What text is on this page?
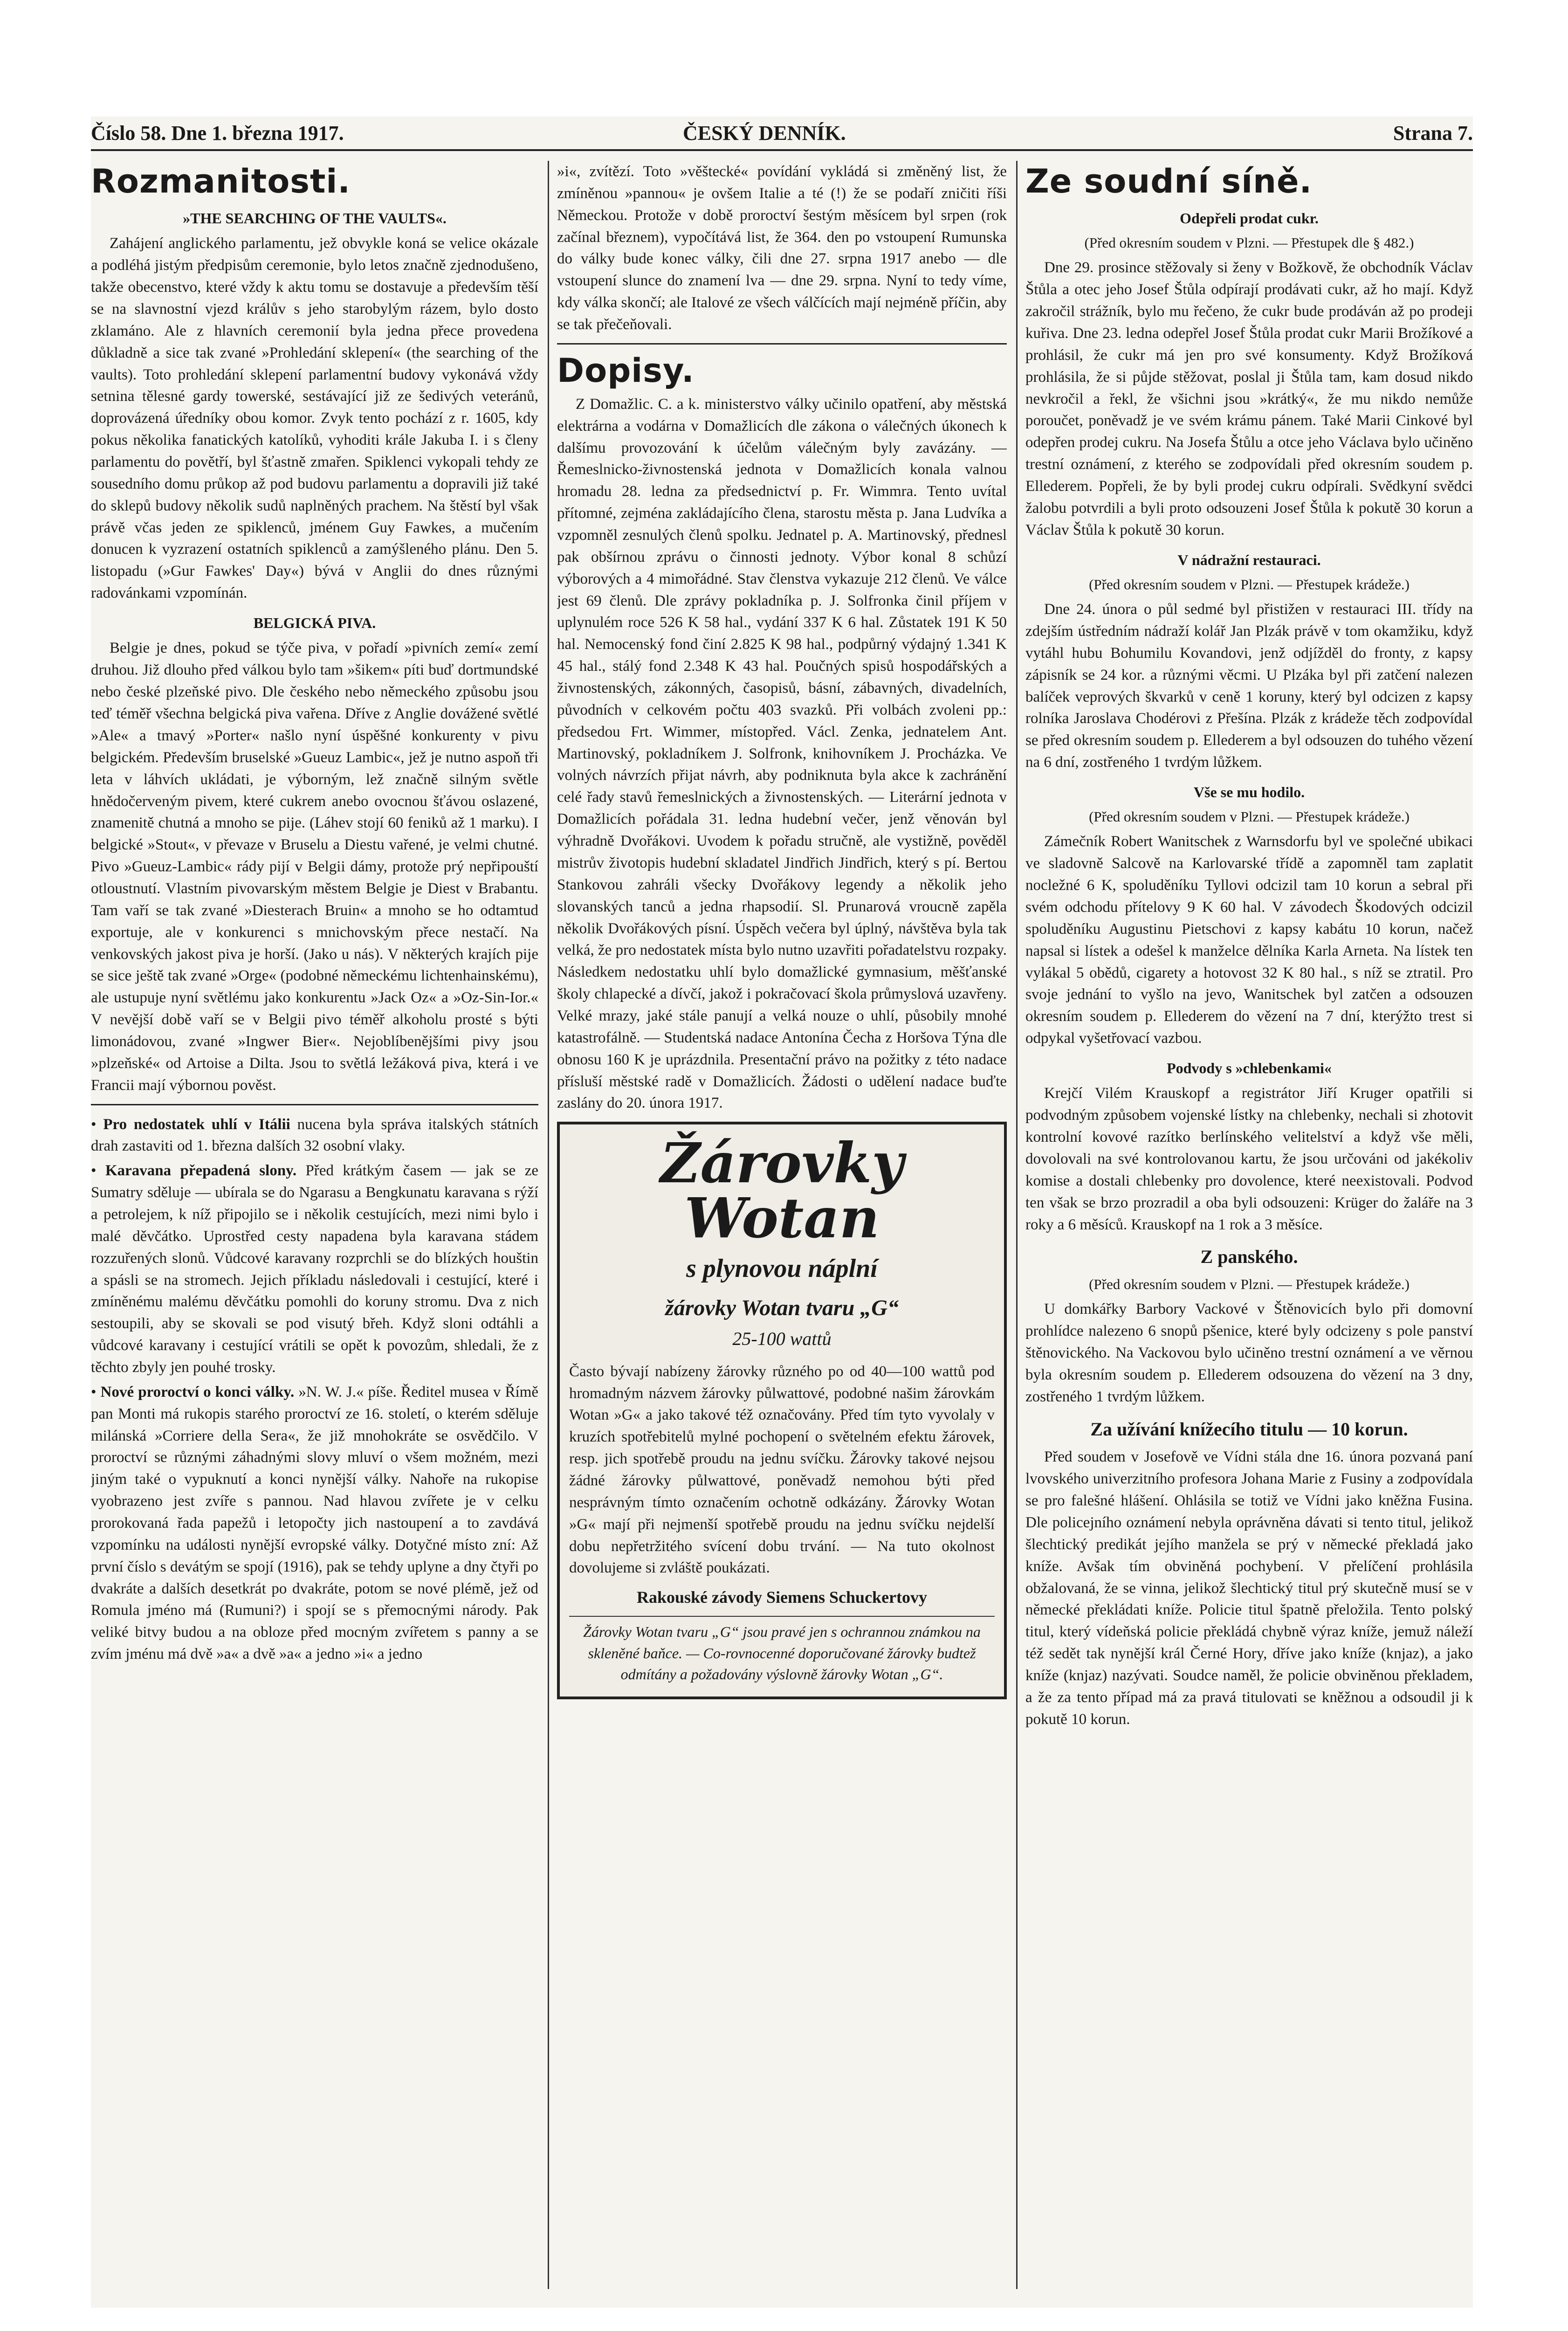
Číslo 58. Dne 1. března 1917.	ČESKÝ DENNÍK.	Strana 7.
Rozmanitosti.
»THE SEARCHING OF THE VAULTS«.

Zahájení anglického parlamentu, jež obvykle koná se velice okázale a podléhá jistým předpisům ceremonie, bylo letos značně zjednodušeno, takže obecenstvo, které vždy k aktu tomu se dostavuje a především těší se na slavnostní vjezd králův s jeho starobylým rázem, bylo dosto zklamáno. Ale z hlavních ceremonií byla jedna přece provedena důkladně a sice tak zvané »Prohledání sklepení« (the searching of the vaults). Toto prohledání sklepení parlamentní budovy vykonává vždy setnina tělesné gardy towerské, sestávající již ze šedivých veteránů, doprovázená úředníky obou komor. Zvyk tento pochází z r. 1605, kdy pokus několika fanatických katolíků, vyhoditi krále Jakuba I. i s členy parlamentu do povětří, byl šťastně zmařen. Spiklenci vykopali tehdy ze sousedního domu průkop až pod budovu parlamentu a dopravili již také do sklepů budovy několik sudů naplněných prachem. Na štěstí byl však právě včas jeden ze spiklenců, jménem Guy Fawkes, a mučením donucen k vyzrazení ostatních spiklenců a zamýšleného plánu. Den 5. listopadu (»Gur Fawkes' Day«) bývá v Anglii do dnes různými radovánkami vzpomínán.

BELGICKÁ PIVA.

Belgie je dnes, pokud se týče piva, v pořadí »pivních zemí« zemí druhou. Již dlouho před válkou bylo tam »šikem« píti buď dortmundské nebo české plzeňské pivo. Dle českého nebo německého způsobu jsou teď téměř všechna belgická piva vařena. Dříve z Anglie dovážené světlé »Ale« a tmavý »Porter« našlo nyní úspěšné konkurenty v pivu belgickém. Především bruselské »Gueuz Lambic«, jež je nutno aspoň tři leta v láhvích ukládati, je výborným, lež značně silným světle hnědočerveným pivem, které cukrem anebo ovocnou šťávou oslazené, znamenitě chutná a mnoho se pije. (Láhev stojí 60 feniků až 1 marku). I belgické »Stout«, v převaze v Bruselu a Diestu vařené, je velmi chutné. Pivo »Gueuz-Lambic« rády pijí v Belgii dámy, protože prý nepřipouští otloustnutí. Vlastním pivovarským městem Belgie je Diest v Brabantu. Tam vaří se tak zvané »Diesterach Bruin« a mnoho se ho odtamtud exportuje, ale v konkurenci s mnichovským přece nestačí. Na venkovských jakost piva je horší. (Jako u nás). V některých krajích pije se sice ještě tak zvané »Orge« (podobné německému lichtenhainskému), ale ustupuje nyní světlému jako konkurentu »Jack Oz« a »Oz-Sin-Ior.« V nevější době vaří se v Belgii pivo téměř alkoholu prosté s býti limonádovou, zvané »Ingwer Bier«. Nejoblíbenějšími pivy jsou »plzeňské« od Artoise a Dilta. Jsou to světlá ležáková piva, která i ve Francii mají výbornou pověst.

• Pro nedostatek uhlí v Itálii nucena byla správa italských státních drah zastaviti od 1. března dalších 32 osobní vlaky.

• Karavana přepadená slony. Před krátkým časem — jak se ze Sumatry sděluje — ubírala se do Ngarasu a Bengkunatu karavana s rýží a petrolejem, k níž připojilo se i několik cestujících, mezi nimi bylo i malé děvčátko. Uprostřed cesty napadena byla karavana stádem rozzuřených slonů. Vůdcové karavany rozprchli se do blízkých houštin a spásli se na stromech. Jejich příkladu následovali i cestující, které i zmíněnému malému děvčátku pomohli do koruny stromu. Dva z nich sestoupili, aby se skovali se pod visutý břeh. Když sloni odtáhli a vůdcové karavany i cestující vrátili se opět k povozům, shledali, že z těchto zbyly jen pouhé trosky.

• Nové proroctví o konci války. »N. W. J.« píše. Ředitel musea v Římě pan Monti má rukopis starého proroctví ze 16. století, o kterém sděluje milánská »Corriere della Sera«, že již mnohokráte se osvědčilo. V proroctví se různými záhadnými slovy mluví o všem možném, mezi jiným také o vypuknutí a konci nynější války. Nahoře na rukopise vyobrazeno jest zvíře s pannou. Nad hlavou zvířete je v celku prorokovaná řada papežů i letopočty jich nastoupení a to zavdává vzpomínku na události nynější evropské války. Dotyčné místo zní: Až první číslo s devátým se spojí (1916), pak se tehdy uplyne a dny čtyři po dvakráte a dalších desetkrát po dvakráte, potom se nové plémě, jež od Romula jméno má (Rumuni?) i spojí se s přemocnými národy. Pak veliké bitvy budou a na obloze před mocným zvířetem s panny a se zvím jménu má dvě »a« a dvě »a« a jedno »i« a jedno

»i«, zvítězí. Toto »věštecké« povídání vykládá si změněný list, že zmíněnou »pannou« je ovšem Italie a té (!) že se podaří zničiti říši Německou. Protože v době proroctví šestým měsícem byl srpen (rok začínal březnem), vypočítává list, že 364. den po vstoupení Rumunska do války bude konec války, čili dne 27. srpna 1917 anebo — dle vstoupení slunce do znamení lva — dne 29. srpna. Nyní to tedy víme, kdy válka skončí; ale Italové ze všech válčících mají nejméně příčin, aby se tak přečeňovali.

Dopisy.

Z Domažlic. C. a k. ministerstvo války učinilo opatření, aby městská elektrárna a vodárna v Domažlicích dle zákona o válečných úkonech k dalšímu provozování k účelům válečným byly zavázány. — Řemeslnicko-živnostenská jednota v Domažlicích konala valnou hromadu 28. ledna za předsednictví p. Fr. Wimmra. Tento uvítal přítomné, zejména zakládajícího člena, starostu města p. Jana Ludvíka a vzpomněl zesnulých členů spolku. Jednatel p. A. Martinovský, přednesl pak obšírnou zprávu o činnosti jednoty. Výbor konal 8 schůzí výborových a 4 mimořádné. Stav členstva vykazuje 212 členů. Ve válce jest 69 členů. Dle zprávy pokladníka p. J. Solfronka činil příjem v uplynulém roce 526 K 58 hal., vydání 337 K 6 hal. Zůstatek 191 K 50 hal. Nemocenský fond činí 2.825 K 98 hal., podpůrný výdajný 1.341 K 45 hal., stálý fond 2.348 K 43 hal. Poučných spisů hospodářských a živnostenských, zákonných, časopisů, básní, zábavných, divadelních, původních v celkovém počtu 403 svazků. Při volbách zvoleni pp.: předsedou Frt. Wimmer, místopřed. Václ. Zenka, jednatelem Ant. Martinovský, pokladníkem J. Solfronk, knihovníkem J. Procházka. Ve volných návrzích přijat návrh, aby podniknuta byla akce k zachránění celé řady stavů řemeslnických a živnostenských. — Literární jednota v Domažlicích pořádala 31. ledna hudební večer, jenž věnován byl výhradně Dvořákovi. Uvodem k pořadu stručně, ale vystižně, pověděl mistrův životopis hudební skladatel Jindřich Jindřich, který s pí. Bertou Stankovou zahráli všecky Dvořákovy legendy a několik jeho slovanských tanců a jedna rhapsodií. Sl. Prunarová vroucně zapěla několik Dvořákových písní. Úspěch večera byl úplný, návštěva byla tak velká, že pro nedostatek místa bylo nutno uzavřiti pořadatelstvu rozpaky. Následkem nedostatku uhlí bylo domažlické gymnasium, měšťanské školy chlapecké a dívčí, jakož i pokračovací škola průmyslová uzavřeny. Velké mrazy, jaké stále panují a velká nouze o uhlí, působily mnohé katastrofálně. — Studentská nadace Antonína Čecha z Horšova Týna dle obnosu 160 K je uprázdnila. Presentační právo na požitky z této nadace přísluší městské radě v Domažlicích. Žádosti o udělení nadace buďte zaslány do 20. února 1917.

Žárovky
Wotan
s plynovou náplní
žárovky Wotan tvaru „G“
25-100 wattů
Často bývají nabízeny žárovky různého po od 40—100 wattů pod hromadným názvem žárovky půlwattové, podobné našim žárovkám Wotan »G« a jako takové též označovány. Před tím tyto vyvolaly v kruzích spotřebitelů mylné pochopení o světelném efektu žárovek, resp. jich spotřebě proudu na jednu svíčku. Žárovky takové nejsou žádné žárovky půlwattové, poněvadž nemohou býti před nesprávným tímto označením ochotně odkázány. Žárovky Wotan »G« mají při nejmenší spotřebě proudu na jednu svíčku nejdelší dobu nepřetržitého svícení dobu trvání. — Na tuto okolnost dovolujeme si zvláště poukázati.
Rakouské závody Siemens Schuckertovy
Žárovky Wotan tvaru „G“ jsou pravé jen s ochrannou známkou na skleněné baňce. — Co-rovnocenné doporučované žárovky budtež odmítány a požadovány výslovně žárovky Wotan „G“.
Ze soudní síně.
Odepřeli prodat cukr.
(Před okresním soudem v Plzni. — Přestupek dle § 482.)

Dne 29. prosince stěžovaly si ženy v Božkově, že obchodník Václav Štůla a otec jeho Josef Štůla odpírají prodávati cukr, až ho mají. Když zakročil strážník, bylo mu řečeno, že cukr bude prodáván až po prodeji kuřiva. Dne 23. ledna odepřel Josef Štůla prodat cukr Marii Brožíkové a prohlásil, že cukr má jen pro své konsumenty. Když Brožíková prohlásila, že si půjde stěžovat, poslal ji Štůla tam, kam dosud nikdo nevkročil a řekl, že všichni jsou »krátký«, že mu nikdo nemůže poroučet, poněvadž je ve svém krámu pánem. Také Marii Cinkové byl odepřen prodej cukru. Na Josefa Štůlu a otce jeho Václava bylo učiněno trestní oznámení, z kterého se zodpovídali před okresním soudem p. Ellederem. Popřeli, že by byli prodej cukru odpírali. Svědkyní svědci žalobu potvrdili a byli proto odsouzeni Josef Štůla k pokutě 30 korun a Václav Štůla k pokutě 30 korun.

V nádražní restauraci.
(Před okresním soudem v Plzni. — Přestupek krádeže.)

Dne 24. února o půl sedmé byl přistižen v restauraci III. třídy na zdejším ústředním nádraží kolář Jan Plzák právě v tom okamžiku, když vytáhl hubu Bohumilu Kovandovi, jenž odjížděl do fronty, z kapsy zápisník se 24 kor. a různými věcmi. U Plzáka byl při zatčení nalezen balíček veprových škvarků v ceně 1 koruny, který byl odcizen z kapsy rolníka Jaroslava Chodérovi z Přešína. Plzák z krádeže těch zodpovídal se před okresním soudem p. Ellederem a byl odsouzen do tuhého vězení na 6 dní, zostřeného 1 tvrdým lůžkem.

Vše se mu hodilo.
(Před okresním soudem v Plzni. — Přestupek krádeže.)

Zámečník Robert Wanitschek z Warnsdorfu byl ve společné ubikaci ve sladovně Salcově na Karlovarské třídě a zapomněl tam zaplatit nocležné 6 K, spoluděníku Tyllovi odcizil tam 10 korun a sebral při svém odchodu přítelovy 9 K 60 hal. V závodech Škodových odcizil spoluděníku Augustinu Pietschovi z kapsy kabátu 10 korun, načež napsal si lístek a odešel k manželce dělníka Karla Arneta. Na lístek ten vylákal 5 obědů, cigarety a hotovost 32 K 80 hal., s níž se ztratil. Pro svoje jednání to vyšlo na jevo, Wanitschek byl zatčen a odsouzen okresním soudem p. Ellederem do vězení na 7 dní, kterýžto trest si odpykal vyšetřovací vazbou.

Podvody s »chlebenkami«

Krejčí Vilém Krauskopf a registrátor Jiří Kruger opatřili si podvodným způsobem vojenské lístky na chlebenky, nechali si zhotovit kontrolní kovové razítko berlínského velitelství a když vše měli, dovolovali na své kontrolovanou kartu, že jsou určováni od jakékoliv komise a dostali chlebenky pro dovolence, které neexistovali. Podvod ten však se brzo prozradil a oba byli odsouzeni: Krüger do žaláře na 3 roky a 6 měsíců. Krauskopf na 1 rok a 3 měsíce.

Z panského.
(Před okresním soudem v Plzni. — Přestupek krádeže.)

U domkářky Barbory Vackové v Štěnovicích bylo při domovní prohlídce nalezeno 6 snopů pšenice, které byly odcizeny s pole panství štěnovického. Na Vackovou bylo učiněno trestní oznámení a ve věrnou byla okresním soudem p. Ellederem odsouzena do vězení na 3 dny, zostřeného 1 tvrdým lůžkem.

Za užívání knížecího titulu — 10 korun.

Před soudem v Josefově ve Vídni stála dne 16. února pozvaná paní lvovského univerzitního profesora Johana Marie z Fusiny a zodpovídala se pro falešné hlášení. Ohlásila se totiž ve Vídni jako kněžna Fusina. Dle policejního oznámení nebyla oprávněna dávati si tento titul, jelikož šlechtický predikát jejího manžela se prý v německé překladá jako kníže. Avšak tím obviněná pochybení. V přelíčení prohlásila obžalovaná, že se vinna, jelikož šlechtický titul prý skutečně musí se v německé překládati kníže. Policie titul špatně přeložila. Tento polský titul, který vídeňská policie překládá chybně výraz kníže, jemuž náleží též sedět tak nynější král Černé Hory, dříve jako kníže (knjaz), a jako kníže (knjaz) nazývati. Soudce naměl, že policie obviněnou překladem, a že za tento případ má za pravá titulovati se kněžnou a odsoudil ji k pokutě 10 korun.
